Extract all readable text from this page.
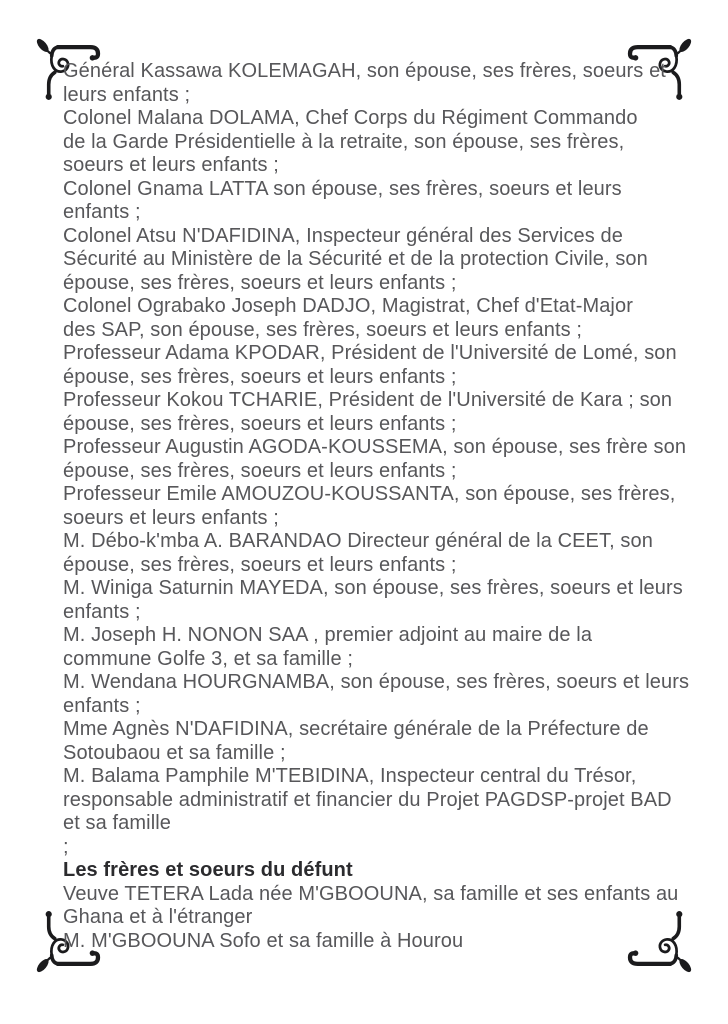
Général Kassawa KOLEMAGAH, son épouse, ses frères, soeurs et
leurs enfants ;
Colonel Malana DOLAMA, Chef Corps du Régiment Commando
de la Garde Présidentielle à la retraite, son épouse, ses frères,
soeurs et leurs enfants ;
Colonel Gnama LATTA son épouse, ses frères, soeurs et leurs
enfants ;
Colonel Atsu N'DAFIDINA, Inspecteur général des Services de
Sécurité au Ministère de la Sécurité et de la protection Civile, son
épouse, ses frères, soeurs et leurs enfants ;
Colonel Ograbako Joseph DADJO, Magistrat, Chef d'Etat-Major
des SAP, son épouse, ses frères, soeurs et leurs enfants ;
Professeur Adama KPODAR, Président de l'Université de Lomé, son
épouse, ses frères, soeurs et leurs enfants ;
Professeur Kokou TCHARIE, Président de l'Université de Kara ; son
épouse, ses frères, soeurs et leurs enfants ;
Professeur Augustin AGODA-KOUSSEMA, son épouse, ses frère son
épouse, ses frères, soeurs et leurs enfants ;
Professeur Emile AMOUZOU-KOUSSANTA, son épouse, ses frères,
soeurs et leurs enfants ;
M. Débo-k'mba A. BARANDAO Directeur général de la CEET, son
épouse, ses frères, soeurs et leurs enfants ;
M. Winiga Saturnin MAYEDA, son épouse, ses frères, soeurs et leurs
enfants ;
M. Joseph H. NONON SAA , premier adjoint au maire de la
commune Golfe 3, et sa famille ;
M. Wendana HOURGNAMBA, son épouse, ses frères, soeurs et leurs
enfants ;
Mme Agnès N'DAFIDINA, secrétaire générale de la Préfecture de
Sotoubaou et sa famille ;
M. Balama Pamphile M'TEBIDINA, Inspecteur central du Trésor,
responsable administratif et financier du Projet PAGDSP-projet BAD
et sa famille
;
Les frères et soeurs du défunt
Veuve TETERA Lada née M'GBOOUNA, sa famille et ses enfants au
Ghana et à l'étranger
M. M'GBOOUNA Sofo et sa famille à Hourou
